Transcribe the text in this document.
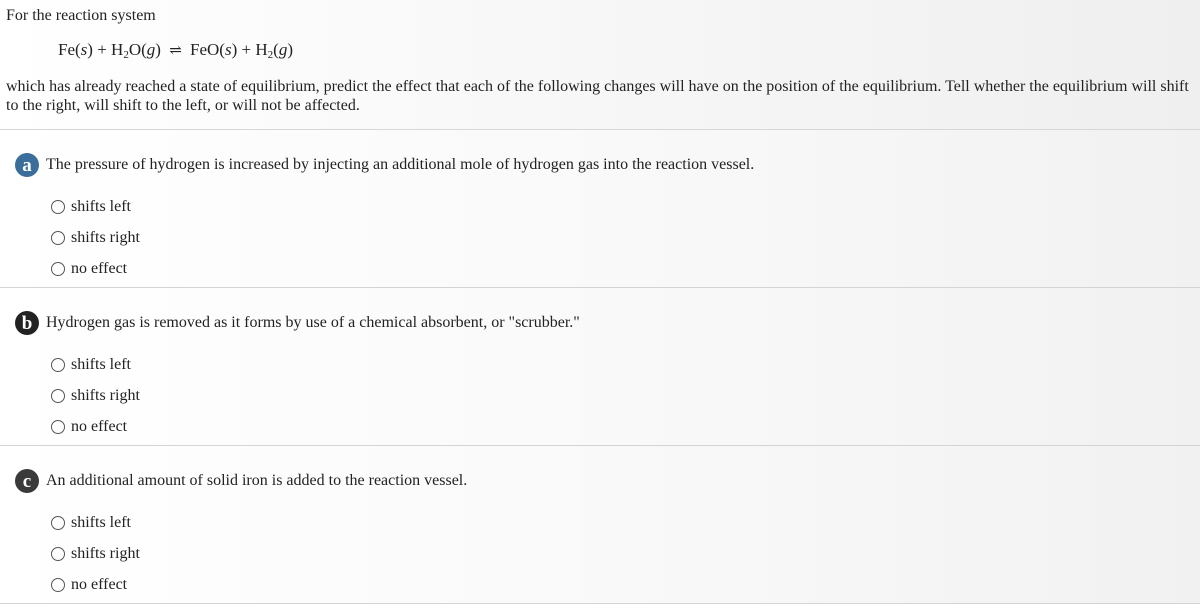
For the reaction system
$Fe(s) + H_2O(g)$ ⇌ $FeO(s) + H_2(g)$
which has already reached a state of equilibrium, predict the effect that each of the following changes will have on the position of the equilibrium. Tell whether the equilibrium will shift to the right, will shift to the left, or will not be affected.
a The pressure of hydrogen is increased by injecting an additional mole of hydrogen gas into the reaction vessel.
shifts left
shifts right
no effect
b Hydrogen gas is removed as it forms by use of a chemical absorbent, or "scrubber."
shifts left
shifts right
no effect
c An additional amount of solid iron is added to the reaction vessel.
shifts left
shifts right
no effect
